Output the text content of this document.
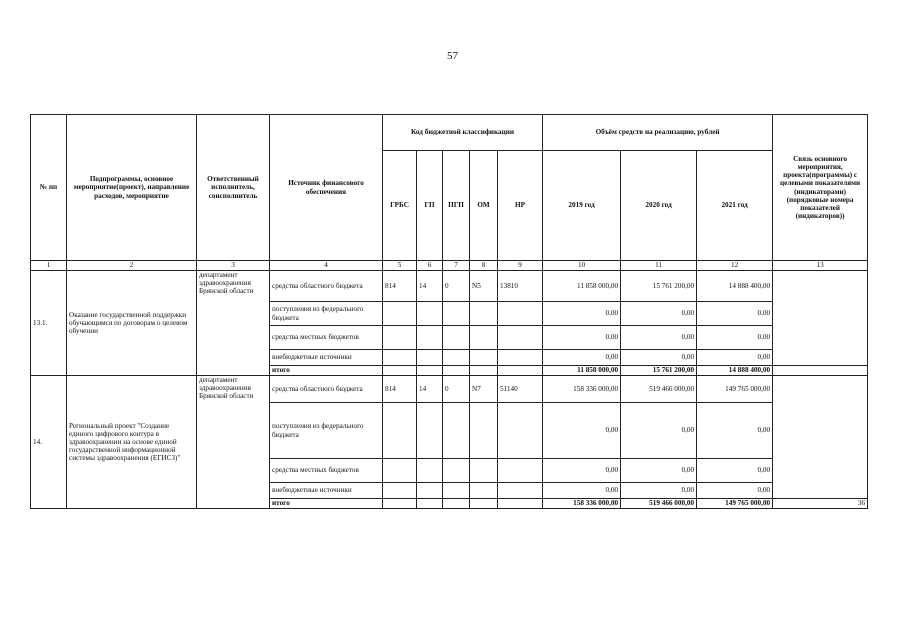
57
№ пп	Подпрограммы, основное мероприятие(проект), направление расходов, мероприятие	Ответственный исполнитель, соисполнитель	Источник финансового обеспечения	Код бюджетной классификации					Объём средств на реализацию, рублей			Связь основного мероприятия, проекта(программы) с целевыми показателями (индикаторами) (порядковые номера показателей (индикаторов))
				ГРБС	ГП	ПГП	ОМ	НР	2019 год	2020 год	2021 год	
1	2	3	4	5	6	7	8	9	10	11	12	13
13.1.	Оказание государственной поддержки обучающимся по договорам о целевом обучении	департамент здравоохранения Брянской области	средства областного бюджета	814	14	0	N5	13810	11 858 000,00	15 761 200,00	14 888 400,00	
			поступления из федерального бюджета						0,00	0,00	0,00	
			средства местных бюджетов						0,00	0,00	0,00	
			внебюджетные источники						0,00	0,00	0,00	
			итого						11 858 000,00	15 761 200,00	14 888 400,00	
14.	Региональный проект "Создание единого цифрового контура в здравоохранении на основе единой государственной информационной системы здравоохранения (ЕГИСЗ)"	департамент здравоохранения Брянской области	средства областного бюджета	814	14	0	N7	51140	158 336 000,00	519 466 000,00	149 765 000,00	
			поступления из федерального бюджета						0,00	0,00	0,00	
			средства местных бюджетов						0,00	0,00	0,00	
			внебюджетные источники						0,00	0,00	0,00	
			итого						158 336 000,00	519 466 000,00	149 765 000,00	36
